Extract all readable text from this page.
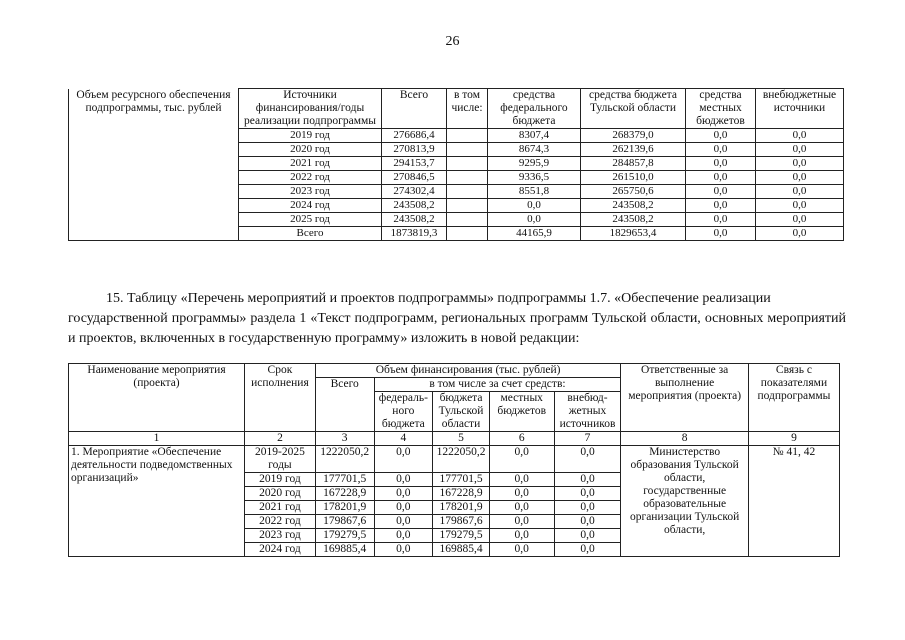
26
Объем ресурсного обеспечения подпрограммы, тыс. рублей	Источники финансирования/годы реализации подпрограммы	Всего	в том числе:	средства федерального бюджета	средства бюджета Тульской области	средства местных бюджетов	внебюджетные источники
	2019 год	276686,4		8307,4	268379,0	0,0	0,0
	2020 год	270813,9		8674,3	262139,6	0,0	0,0
	2021 год	294153,7		9295,9	284857,8	0,0	0,0
	2022 год	270846,5		9336,5	261510,0	0,0	0,0
	2023 год	274302,4		8551,8	265750,6	0,0	0,0
	2024 год	243508,2		0,0	243508,2	0,0	0,0
	2025 год	243508,2		0,0	243508,2	0,0	0,0
	Всего	1873819,3		44165,9	1829653,4	0,0	0,0
15. Таблицу «Перечень мероприятий и проектов подпрограммы» подпрограммы 1.7. «Обеспечение реализации
государственной программы» раздела 1 «Текст подпрограмм, региональных программ Тульской области, основных мероприятий и проектов, включенных в государственную программу» изложить в новой редакции:
Наименование мероприятия (проекта)	Срок исполнения	Объем финансирования (тыс. рублей)					Ответственные за выполнение мероприятия (проекта)	Связь с показателями подпрограммы
		Всего	в том числе за счет средств:					
			федераль-ного бюджета	бюджета Тульской области	местных бюджетов	внебюд-жетных источников		
1	2	3	4	5	6	7	8	9
1. Мероприятие «Обеспечение деятельности подведомственных организаций»	2019-2025 годы	1222050,2	0,0	1222050,2	0,0	0,0	Министерство образования Тульской области, государственные образовательные организации Тульской области,	№ 41, 42
	2019 год	177701,5	0,0	177701,5	0,0	0,0		
	2020 год	167228,9	0,0	167228,9	0,0	0,0		
	2021 год	178201,9	0,0	178201,9	0,0	0,0		
	2022 год	179867,6	0,0	179867,6	0,0	0,0		
	2023 год	179279,5	0,0	179279,5	0,0	0,0		
	2024 год	169885,4	0,0	169885,4	0,0	0,0		
